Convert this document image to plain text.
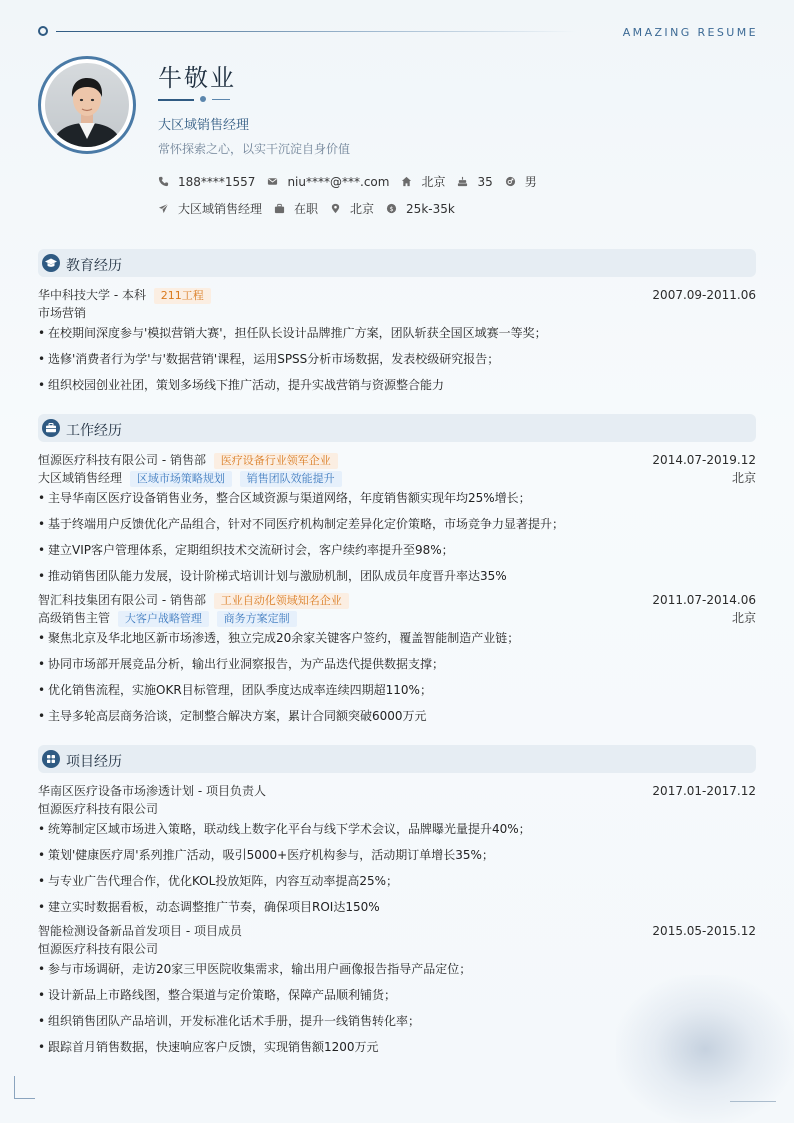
AMAZING RESUME
牛敬业
大区域销售经理
常怀探索之心，以实干沉淀自身价值
188****1557	niu****@***.com	北京	35	男
大区域销售经理	在职	北京 $ 25k-35k
教育经历
华中科技大学 - 本科 211工程	2007.09-2011.06
市场营销
• 在校期间深度参与'模拟营销大赛'，担任队长设计品牌推广方案，团队斩获全国区域赛一等奖；
• 选修'消费者行为学'与'数据营销'课程，运用SPSS分析市场数据，发表校级研究报告；
• 组织校园创业社团，策划多场线下推广活动，提升实战营销与资源整合能力
工作经历
恒源医疗科技有限公司 - 销售部 医疗设备行业领军企业	2014.07-2019.12
大区域销售经理 区域市场策略规划 销售团队效能提升	北京
• 主导华南区医疗设备销售业务，整合区域资源与渠道网络，年度销售额实现年均25%增长；
• 基于终端用户反馈优化产品组合，针对不同医疗机构制定差异化定价策略，市场竞争力显著提升；
• 建立VIP客户管理体系，定期组织技术交流研讨会，客户续约率提升至98%；
• 推动销售团队能力发展，设计阶梯式培训计划与激励机制，团队成员年度晋升率达35%
智汇科技集团有限公司 - 销售部 工业自动化领域知名企业	2011.07-2014.06
高级销售主管 大客户战略管理 商务方案定制	北京
• 聚焦北京及华北地区新市场渗透，独立完成20余家关键客户签约，覆盖智能制造产业链；
• 协同市场部开展竞品分析，输出行业洞察报告，为产品迭代提供数据支撑；
• 优化销售流程，实施OKR目标管理，团队季度达成率连续四期超110%；
• 主导多轮高层商务洽谈，定制整合解决方案，累计合同额突破6000万元
项目经历
华南区医疗设备市场渗透计划 - 项目负责人	2017.01-2017.12
恒源医疗科技有限公司
• 统筹制定区域市场进入策略，联动线上数字化平台与线下学术会议，品牌曝光量提升40%；
• 策划'健康医疗周'系列推广活动，吸引5000+医疗机构参与，活动期订单增长35%；
• 与专业广告代理合作，优化KOL投放矩阵，内容互动率提高25%；
• 建立实时数据看板，动态调整推广节奏，确保项目ROI达150%
智能检测设备新品首发项目 - 项目成员	2015.05-2015.12
恒源医疗科技有限公司
• 参与市场调研，走访20家三甲医院收集需求，输出用户画像报告指导产品定位；
• 设计新品上市路线图，整合渠道与定价策略，保障产品顺利铺货；
• 组织销售团队产品培训，开发标准化话术手册，提升一线销售转化率；
• 跟踪首月销售数据，快速响应客户反馈，实现销售额1200万元
